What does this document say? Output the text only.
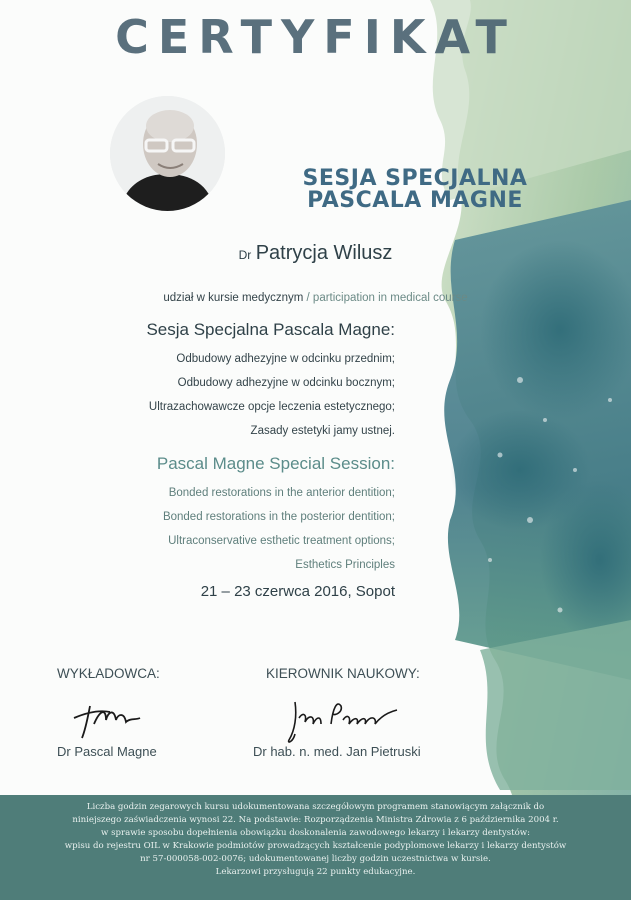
CERTYFIKAT
SESJA SPECJALNA
PASCALA MAGNE
Dr Patrycja Wilusz
udział w kursie medycznym / participation in medical course
Sesja Specjalna Pascala Magne:
Odbudowy adhezyjne w odcinku przednim;
Odbudowy adhezyjne w odcinku bocznym;
Ultrazachowawcze opcje leczenia estetycznego;
Zasady estetyki jamy ustnej.
Pascal Magne Special Session:
Bonded restorations in the anterior dentition;
Bonded restorations in the posterior dentition;
Ultraconservative esthetic treatment options;
Esthetics Principles
21 – 23 czerwca 2016, Sopot
WYKŁADOWCA:	KIEROWNIK NAUKOWY:
Dr Pascal Magne	Dr hab. n. med. Jan Pietruski
Liczba godzin zegarowych kursu udokumentowana szczegółowym programem stanowiącym załącznik do
niniejszego zaświadczenia wynosi 22. Na podstawie: Rozporządzenia Ministra Zdrowia z 6 października 2004 r.
w sprawie sposobu dopełnienia obowiązku doskonalenia zawodowego lekarzy i lekarzy dentystów:
wpisu do rejestru OIL w Krakowie podmiotów prowadzących kształcenie podyplomowe lekarzy i lekarzy dentystów
nr 57-000058-002-0076; udokumentowanej liczby godzin uczestnictwa w kursie.
Lekarzowi przysługują 22 punkty edukacyjne.
